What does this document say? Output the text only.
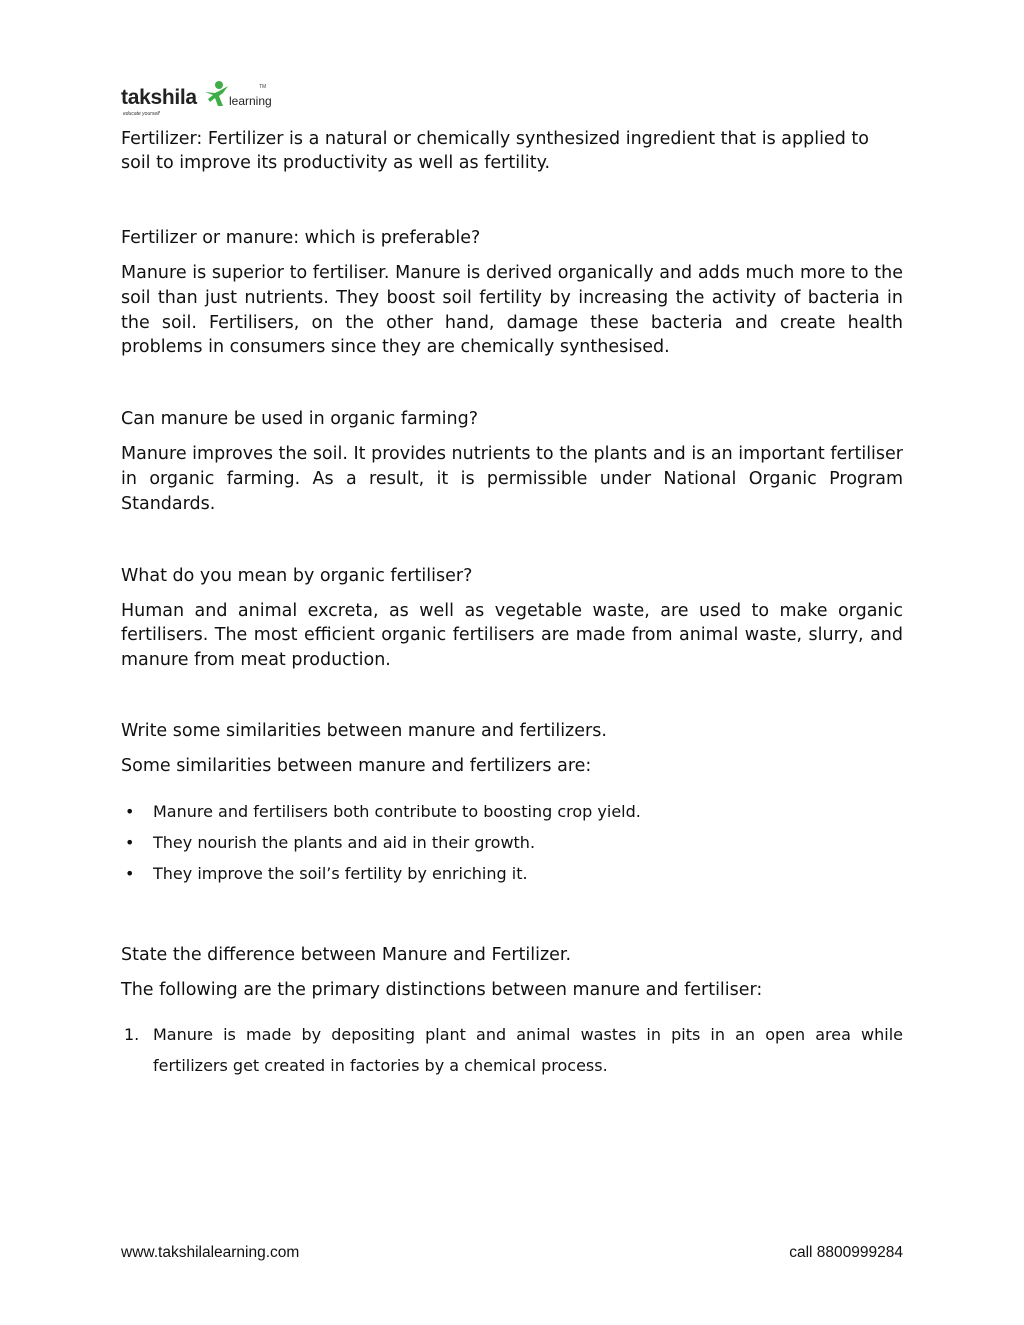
takshila	learning
TM
educate yourself

Fertilizer: Fertilizer is a natural or chemically synthesized ingredient that is applied to soil to improve its productivity as well as fertility.

Fertilizer or manure: which is preferable?

Manure is superior to fertiliser. Manure is derived organically and adds much more to the soil than just nutrients. They boost soil fertility by increasing the activity of bacteria in the soil. Fertilisers, on the other hand, damage these bacteria and create health problems in consumers since they are chemically synthesised.

Can manure be used in organic farming?

Manure improves the soil. It provides nutrients to the plants and is an important fertiliser in organic farming. As a result, it is permissible under National Organic Program Standards.

What do you mean by organic fertiliser?

Human and animal excreta, as well as vegetable waste, are used to make organic fertilisers. The most efficient organic fertilisers are made from animal waste, slurry, and manure from meat production.

Write some similarities between manure and fertilizers.

Some similarities between manure and fertilizers are:

• Manure and fertilisers both contribute to boosting crop yield.
• They nourish the plants and aid in their growth.
• They improve the soil’s fertility by enriching it.
State the difference between Manure and Fertilizer.

The following are the primary distinctions between manure and fertiliser:

1. Manure is made by depositing plant and animal wastes in pits in an open area while fertilizers get created in factories by a chemical process.
www.takshilalearning.com	call 8800999284
